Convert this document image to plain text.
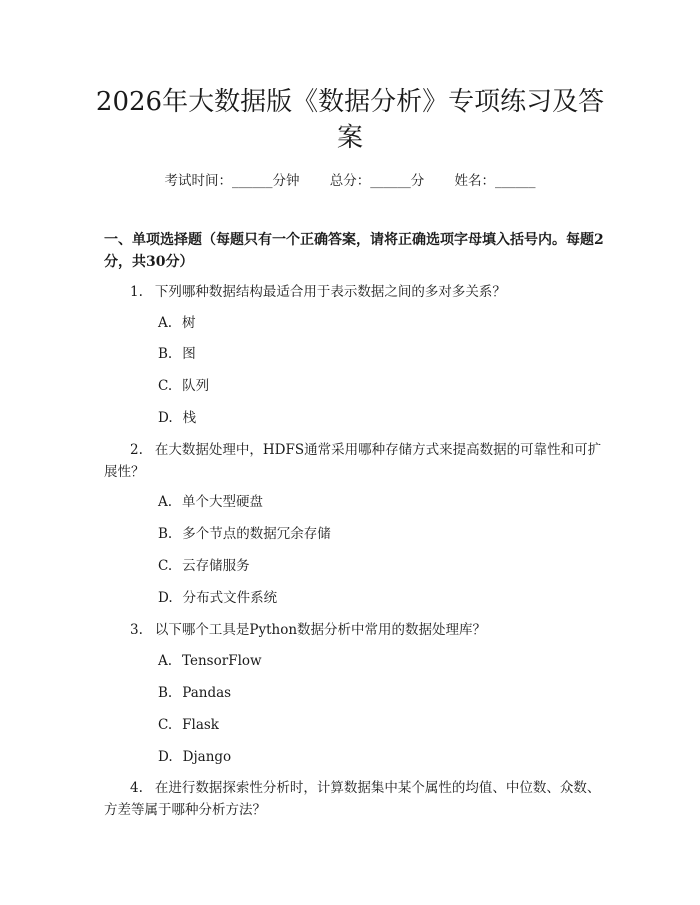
2026年大数据版《数据分析》专项练习及答案
考试时间：______分钟 总分：______分 姓名：______
一、单项选择题（每题只有一个正确答案，请将正确选项字母填入括号内。每题2分，共30分）
1. 下列哪种数据结构最适合用于表示数据之间的多对多关系？
A. 树
B. 图
C. 队列
D. 栈
2. 在大数据处理中，HDFS通常采用哪种存储方式来提高数据的可靠性和可扩展性？
A. 单个大型硬盘
B. 多个节点的数据冗余存储
C. 云存储服务
D. 分布式文件系统
3. 以下哪个工具是Python数据分析中常用的数据处理库？
A. TensorFlow
B. Pandas
C. Flask
D. Django
4. 在进行数据探索性分析时，计算数据集中某个属性的均值、中位数、众数、方差等属于哪种分析方法？
